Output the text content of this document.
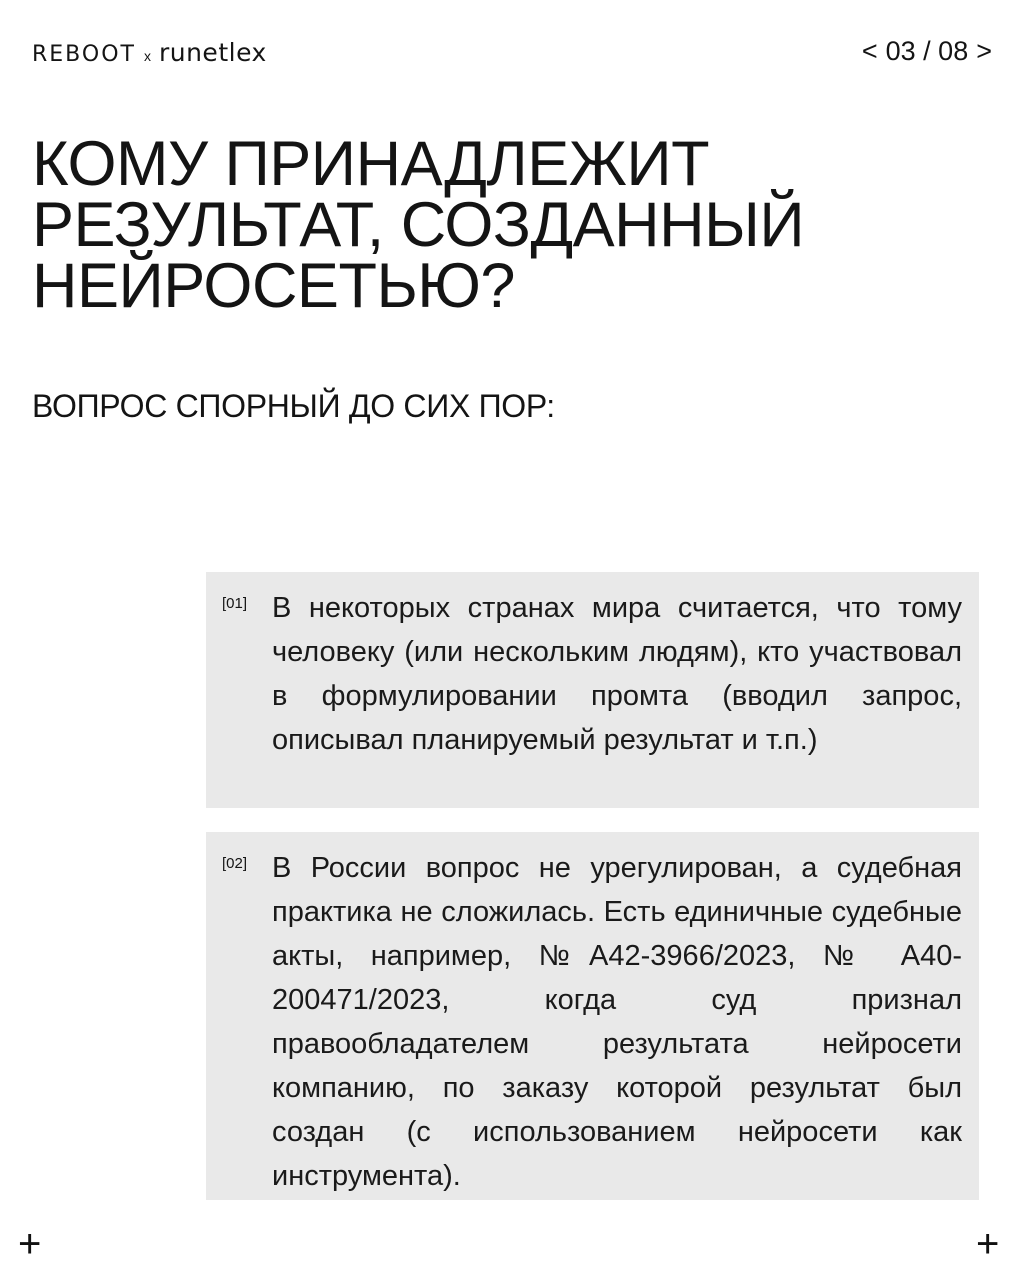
REBOOT x runetlex	< 03 / 08 >
КОМУ ПРИНАДЛЕЖИТ РЕЗУЛЬТАТ, СОЗДАННЫЙ НЕЙРОСЕТЬЮ?
ВОПРОС СПОРНЫЙ ДО СИХ ПОР:
[01] В некоторых странах мира считается, что тому человеку (или нескольким людям), кто участвовал в формулировании промта (вводил запрос, описывал планируемый результат и т.п.)

[02] В России вопрос не урегулирован, а судебная практика не сложилась. Есть единичные судебные акты, например, №А42-3966/2023, № А40-200471/2023, когда суд признал правообладателем результата нейросети компанию, по заказу которой результат был создан (с использованием нейросети как инструмента).

+	+
